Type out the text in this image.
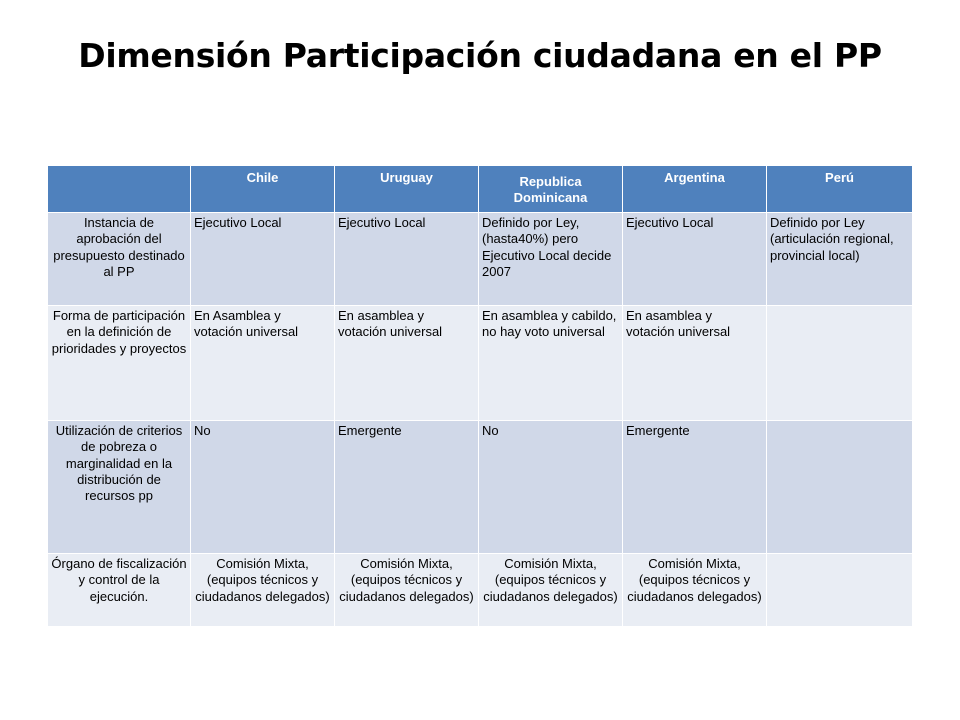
Dimensión Participación ciudadana en el PP
	Chile	Uruguay	Republica Dominicana	Argentina	Perú
Instancia de aprobación del presupuesto destinado al PP	Ejecutivo Local	Ejecutivo Local	Definido por Ley, (hasta40%) pero Ejecutivo Local decide 2007	Ejecutivo Local	Definido por Ley (articulación regional, provincial local)
Forma de participación en la definición de prioridades y proyectos	En Asamblea y votación universal	En asamblea y votación universal	En asamblea y cabildo, no hay voto universal	En asamblea y votación universal	
Utilización de criterios de pobreza o marginalidad en la distribución de recursos pp	No	Emergente	No	Emergente	
Órgano de fiscalización y control de la ejecución.	Comisión Mixta, (equipos técnicos y ciudadanos delegados)	Comisión Mixta, (equipos técnicos y ciudadanos delegados)	Comisión Mixta, (equipos técnicos y ciudadanos delegados)	Comisión Mixta, (equipos técnicos y ciudadanos delegados)	
